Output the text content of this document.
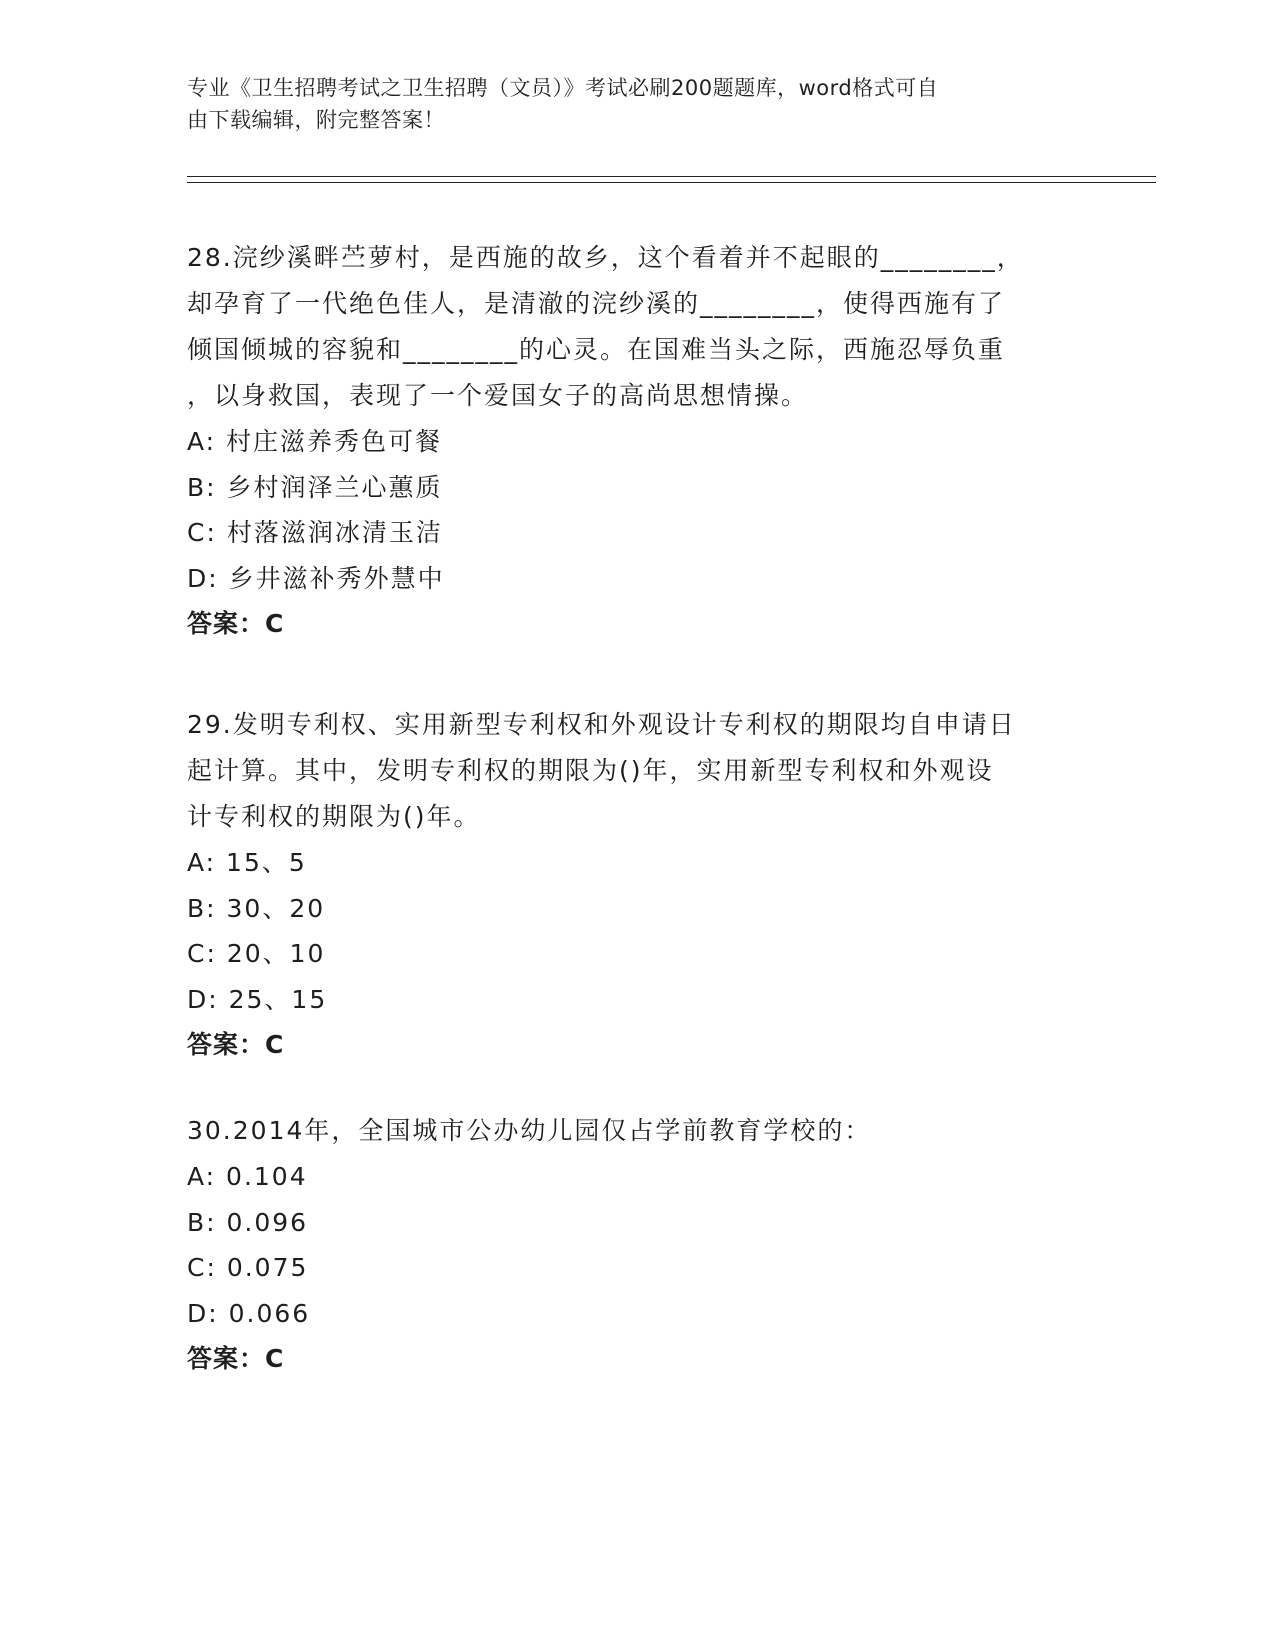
专业《卫生招聘考试之卫生招聘（文员）》考试必刷200题题库，word格式可自
由下载编辑，附完整答案！
28.浣纱溪畔苎萝村，是西施的故乡，这个看着并不起眼的________，
却孕育了一代绝色佳人，是清澈的浣纱溪的________，使得西施有了
倾国倾城的容貌和________的心灵。在国难当头之际，西施忍辱负重
，以身救国，表现了一个爱国女子的高尚思想情操。
A: 村庄滋养秀色可餐
B: 乡村润泽兰心蕙质
C: 村落滋润冰清玉洁
D: 乡井滋补秀外慧中
答案：C
29.发明专利权、实用新型专利权和外观设计专利权的期限均自申请日
起计算。其中，发明专利权的期限为()年，实用新型专利权和外观设
计专利权的期限为()年。
A: 15、5
B: 30、20
C: 20、10
D: 25、15
答案：C
30.2014年，全国城市公办幼儿园仅占学前教育学校的：
A: 0.104
B: 0.096
C: 0.075
D: 0.066
答案：C
